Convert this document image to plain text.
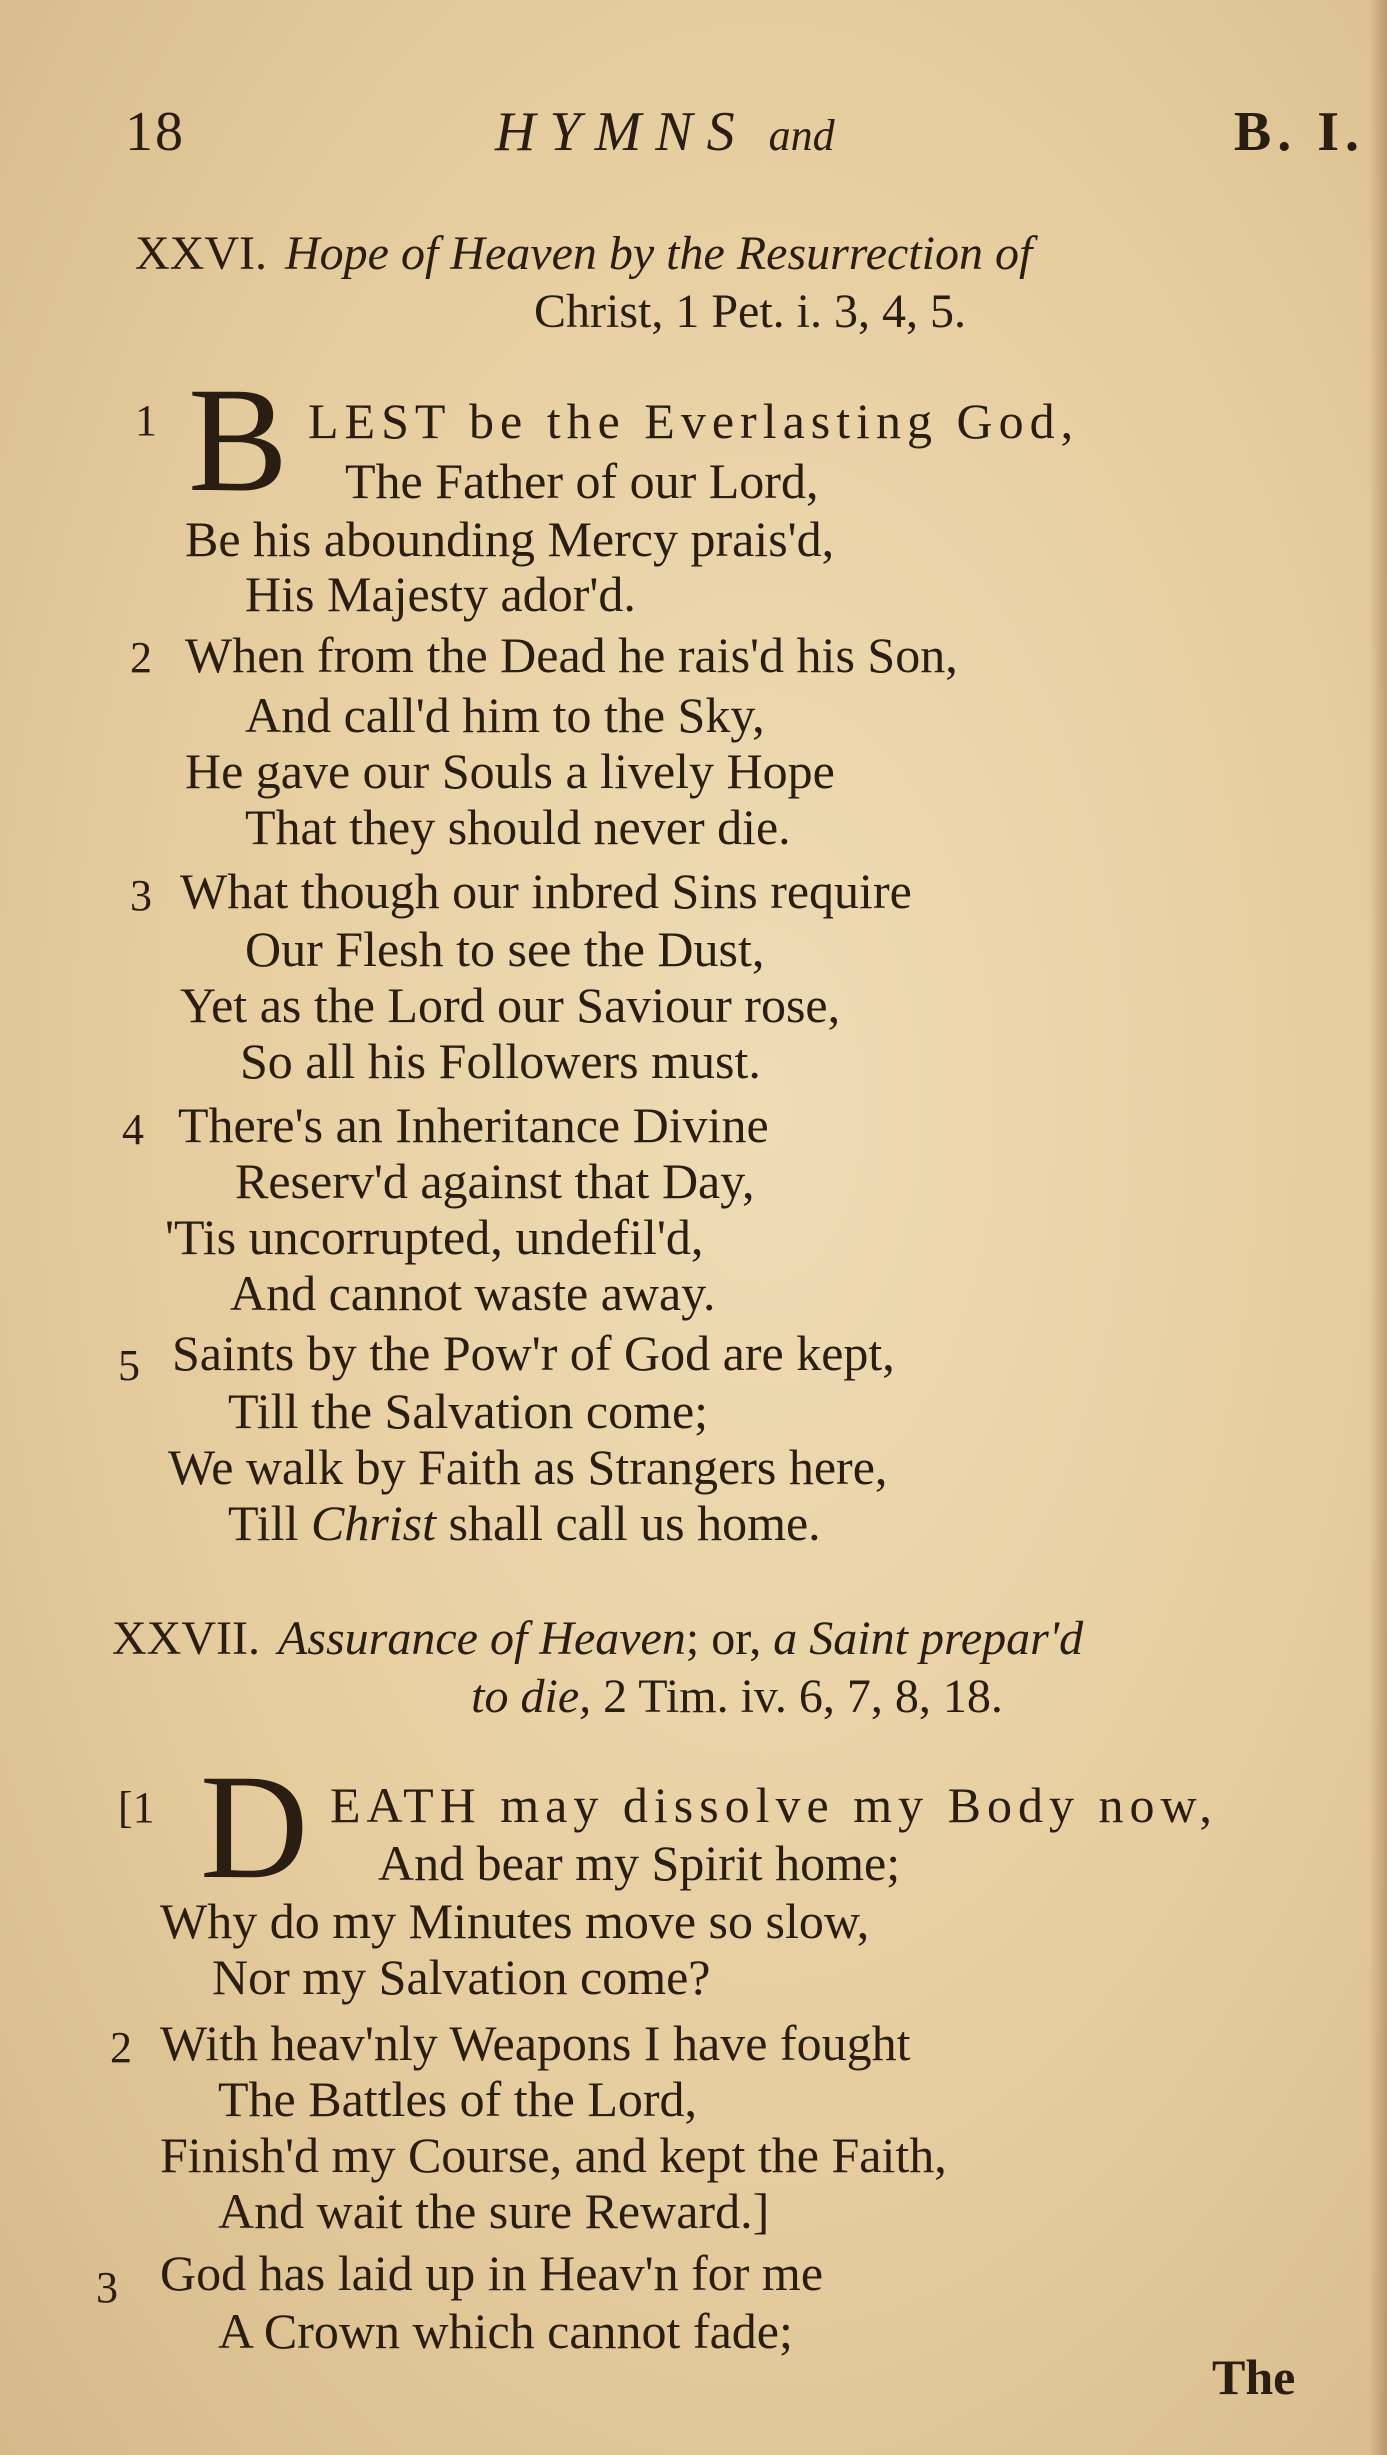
18	HYMNS and	B. I.
XXVI. Hope of Heaven by the Resurrection of
Christ, 1 Pet. i. 3, 4, 5.
1 B LEST be the Everlasting God,
The Father of our Lord,
Be his abounding Mercy prais'd,
His Majesty ador'd.
2 When from the Dead he rais'd his Son,
And call'd him to the Sky,
He gave our Souls a lively Hope
That they should never die.
3 What though our inbred Sins require
Our Flesh to see the Dust,
Yet as the Lord our Saviour rose,
So all his Followers must.
4 There's an Inheritance Divine
Reserv'd against that Day,
'Tis uncorrupted, undefil'd,
And cannot waste away.
5 Saints by the Pow'r of God are kept,
Till the Salvation come;
We walk by Faith as Strangers here,
Till Christ shall call us home.
XXVII. Assurance of Heaven; or, a Saint prepar'd
to die, 2 Tim. iv. 6, 7, 8, 18.
[1 D EATH may dissolve my Body now,
And bear my Spirit home;
Why do my Minutes move so slow,
Nor my Salvation come?
2 With heav'nly Weapons I have fought
The Battles of the Lord,
Finish'd my Course, and kept the Faith,
And wait the sure Reward.]
3 God has laid up in Heav'n for me
A Crown which cannot fade;
The
